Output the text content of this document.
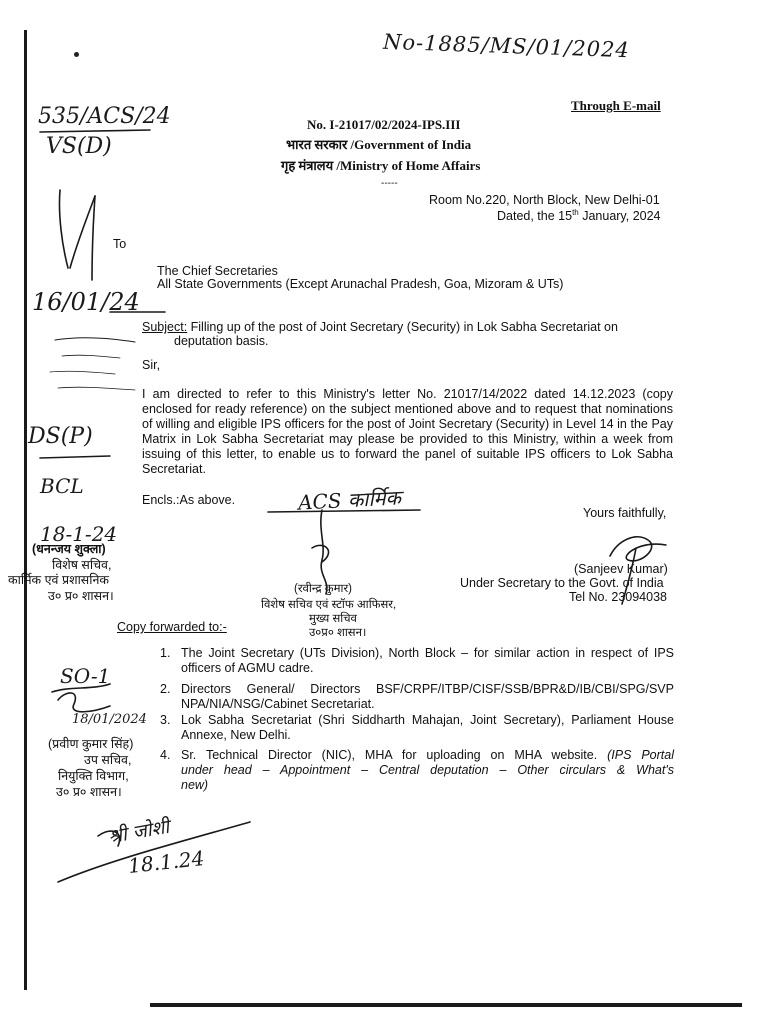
No-1885/MS/01/2024
Through E-mail
No. I-21017/02/2024-IPS.III
भारत सरकार /Government of India
गृह मंत्रालय /Ministry of Home Affairs
-----
Room No.220, North Block, New Delhi-01
Dated, the 15th January, 2024
535/ACS/24
VS(D)
To
The Chief Secretaries
All State Governments (Except Arunachal Pradesh, Goa, Mizoram & UTs)
16/01/24
Subject: Filling up of the post of Joint Secretary (Security) in Lok Sabha Secretariat on
deputation basis.
Sir,
I am directed to refer to this Ministry's letter No. 21017/14/2022 dated 14.12.2023 (copy
enclosed for ready reference) on the subject mentioned above and to request that nominations
of willing and eligible IPS officers for the post of Joint Secretary (Security) in Level 14 in the Pay
Matrix in Lok Sabha Secretariat may please be provided to this Ministry, within a week from
issuing of this letter, to enable us to forward the panel of suitable IPS officers to Lok Sabha
Secretariat.
DS(P)
BCL
Encls.:As above.	ACS कार्मिक	Yours faithfully,
18-1-24
(धनन्जय शुक्ला)
विशेष सचिव,
कार्मिक एवं प्रशासनिक
उ० प्र० शासन।
(Sanjeev Kumar)
Under Secretary to the Govt. of India
Tel No. 23094038
(रवीन्द्र कुमार)
विशेष सचिव एवं स्टॉफ आफिसर,
मुख्य सचिव
उ०प्र० शासन।
Copy forwarded to:-
1. The Joint Secretary (UTs Division), North Block – for similar action in respect of IPS
officers of AGMU cadre.
2. Directors General/ Directors BSF/CRPF/ITBP/CISF/SSB/BPR&D/IB/CBI/SPG/SVP
NPA/NIA/NSG/Cabinet Secretariat.
3. Lok Sabha Secretariat (Shri Siddharth Mahajan, Joint Secretary), Parliament House
Annexe, New Delhi.
4. Sr. Technical Director (NIC), MHA for uploading on MHA website. (IPS Portal
under head – Appointment – Central deputation – Other circulars & What's
new)
SO-1
18/01/2024
(प्रवीण कुमार सिंह)
उप सचिव,
नियुक्ति विभाग,
उ० प्र० शासन।
श्री जोशी
18.1.24
